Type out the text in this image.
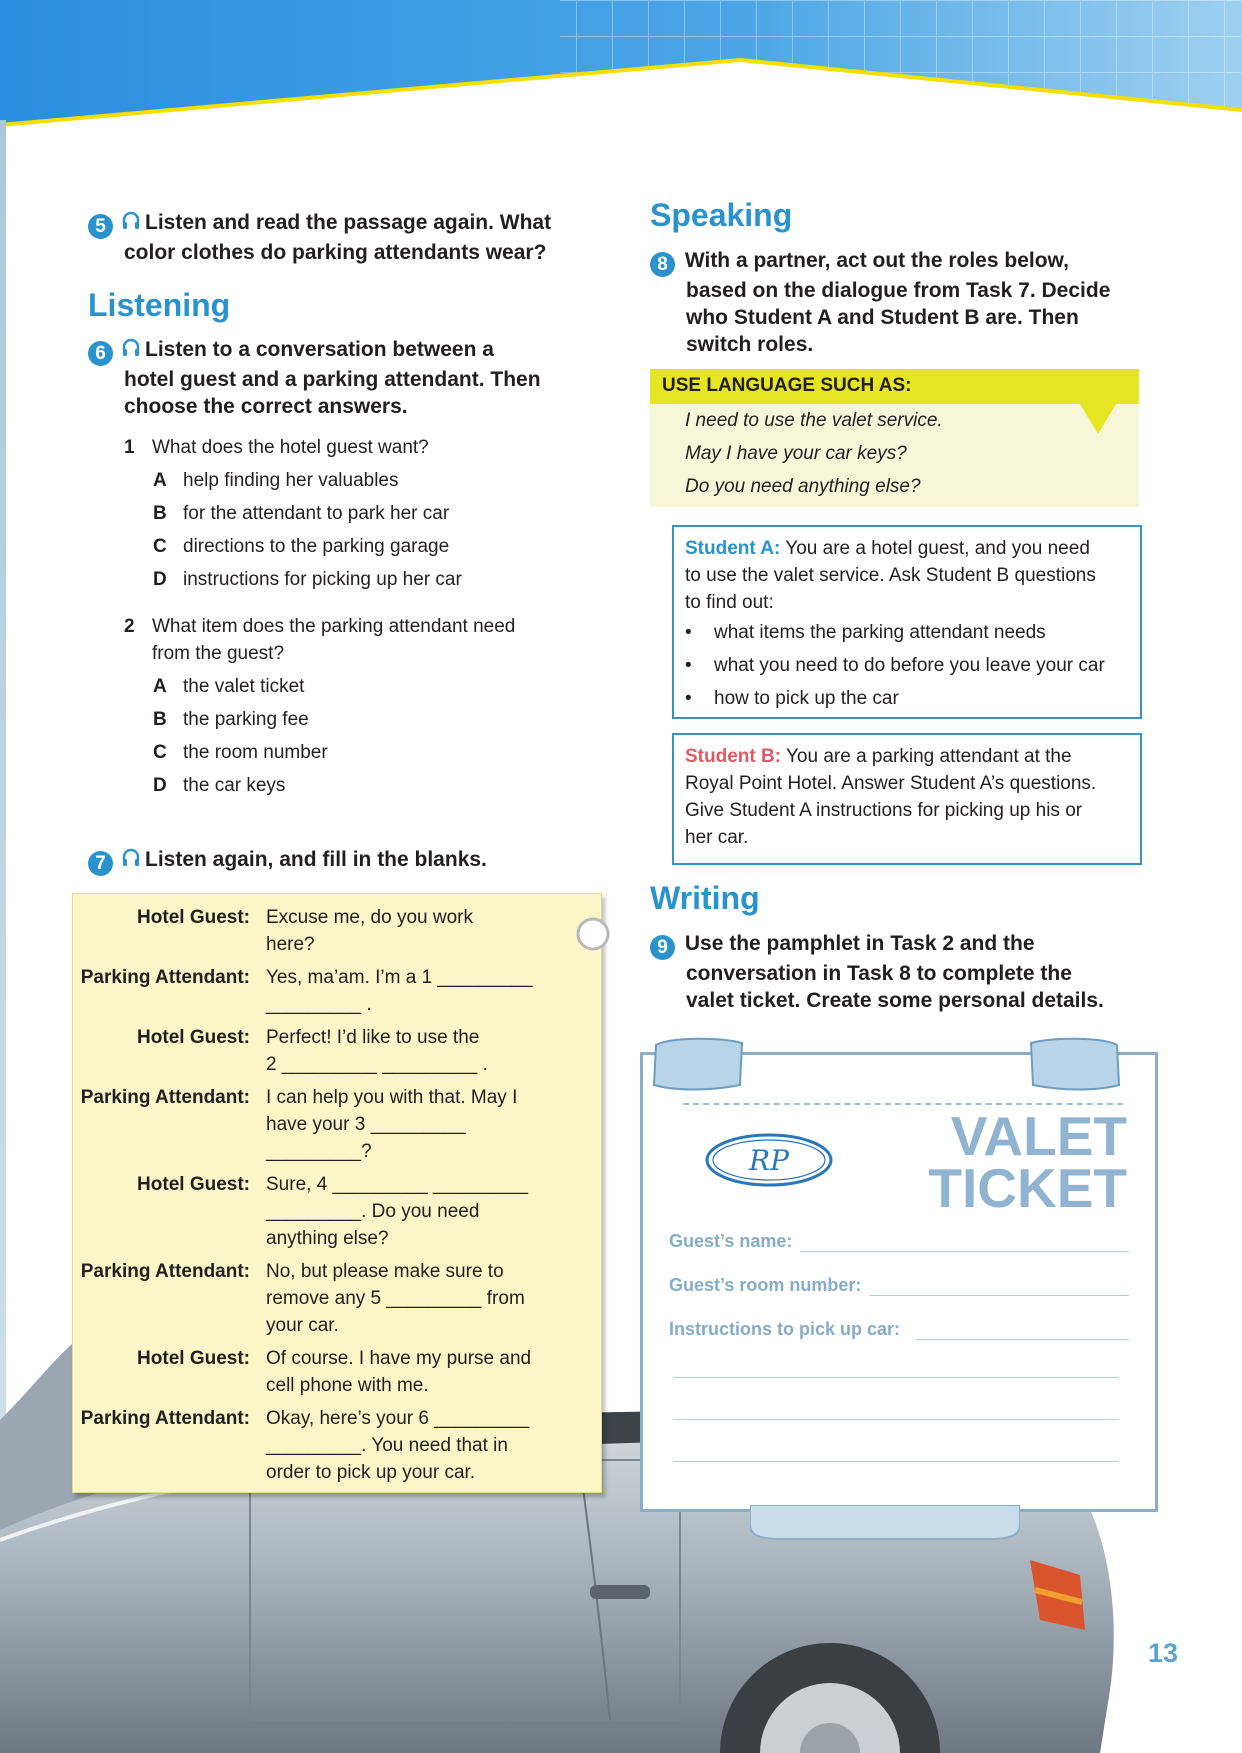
5 Listen and read the passage again. What
color clothes do parking attendants wear?
Listening
6 Listen to a conversation between a
hotel guest and a parking attendant. Then
choose the correct answers.
1 What does the hotel guest want?
A help finding her valuables
B for the attendant to park her car
C directions to the parking garage
D instructions for picking up her car
2 What item does the parking attendant need
from the guest?
A the valet ticket
B the parking fee
C the room number
D the car keys
7 Listen again, and fill in the blanks.
Hotel Guest: Excuse me, do you work
here?
Parking Attendant: Yes, ma’am. I’m a 1 _________
_________ .
Hotel Guest: Perfect! I’d like to use the
2 _________ _________ .
Parking Attendant: I can help you with that. May I
have your 3 _________
_________?
Hotel Guest: Sure, 4 _________ _________
_________. Do you need
anything else?
Parking Attendant: No, but please make sure to
remove any 5 _________ from
your car.
Hotel Guest: Of course. I have my purse and
cell phone with me.
Parking Attendant: Okay, here’s your 6 _________
_________. You need that in
order to pick up your car.
Speaking
8 With a partner, act out the roles below,
based on the dialogue from Task 7. Decide
who Student A and Student B are. Then
switch roles.
USE LANGUAGE SUCH AS:
I need to use the valet service.
May I have your car keys?
Do you need anything else?
Student A: You are a hotel guest, and you need
to use the valet service. Ask Student B questions
to find out:
• what items the parking attendant needs
• what you need to do before you leave your car
• how to pick up the car
Student B: You are a parking attendant at the
Royal Point Hotel. Answer Student A’s questions.
Give Student A instructions for picking up his or
her car.
Writing
9 Use the pamphlet in Task 2 and the
conversation in Task 8 to complete the
valet ticket. Create some personal details.
RP	VALET
TICKET
Guest’s name:
Guest’s room number:
Instructions to pick up car:
13
